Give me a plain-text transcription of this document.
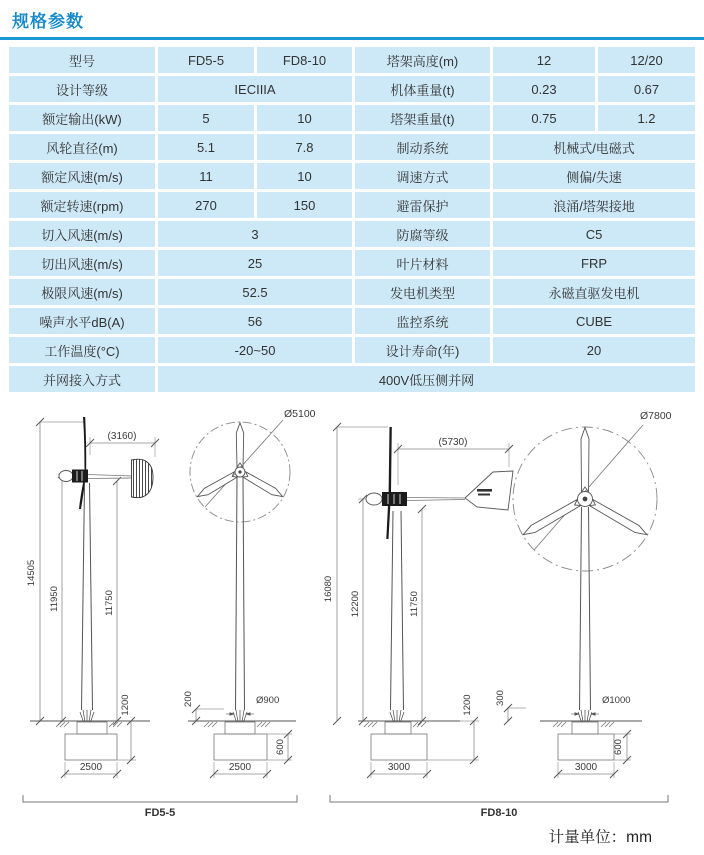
规格参数
型号	FD5-5	FD8-10	塔架高度(m)	12	12/20
设计等级	IECIIIA		机体重量(t)	0.23	0.67
额定输出(kW)	5	10	塔架重量(t)	0.75	1.2
风轮直径(m)	5.1	7.8	制动系统	机械式/电磁式	
额定风速(m/s)	11	10	调速方式	侧偏/失速	
额定转速(rpm)	270	150	避雷保护	浪涌/塔架接地	
切入风速(m/s)	3		防腐等级	C5	
切出风速(m/s)	25		叶片材料	FRP	
极限风速(m/s)	52.5		发电机类型	永磁直驱发电机	
噪声水平dB(A)	56		监控系统	CUBE	
工作温度(°C)	-20~50		设计寿命(年)	20	
并网接入方式	400V低压侧并网				
14505
11950	11750
(3160)
1200
2500
Ø5100
200	Ø900
600
2500
FD5-5
16080
12200	11750
(5730)
1200
3000
Ø7800
300	Ø1000
600
3000
FD8-10
计量单位：mm
